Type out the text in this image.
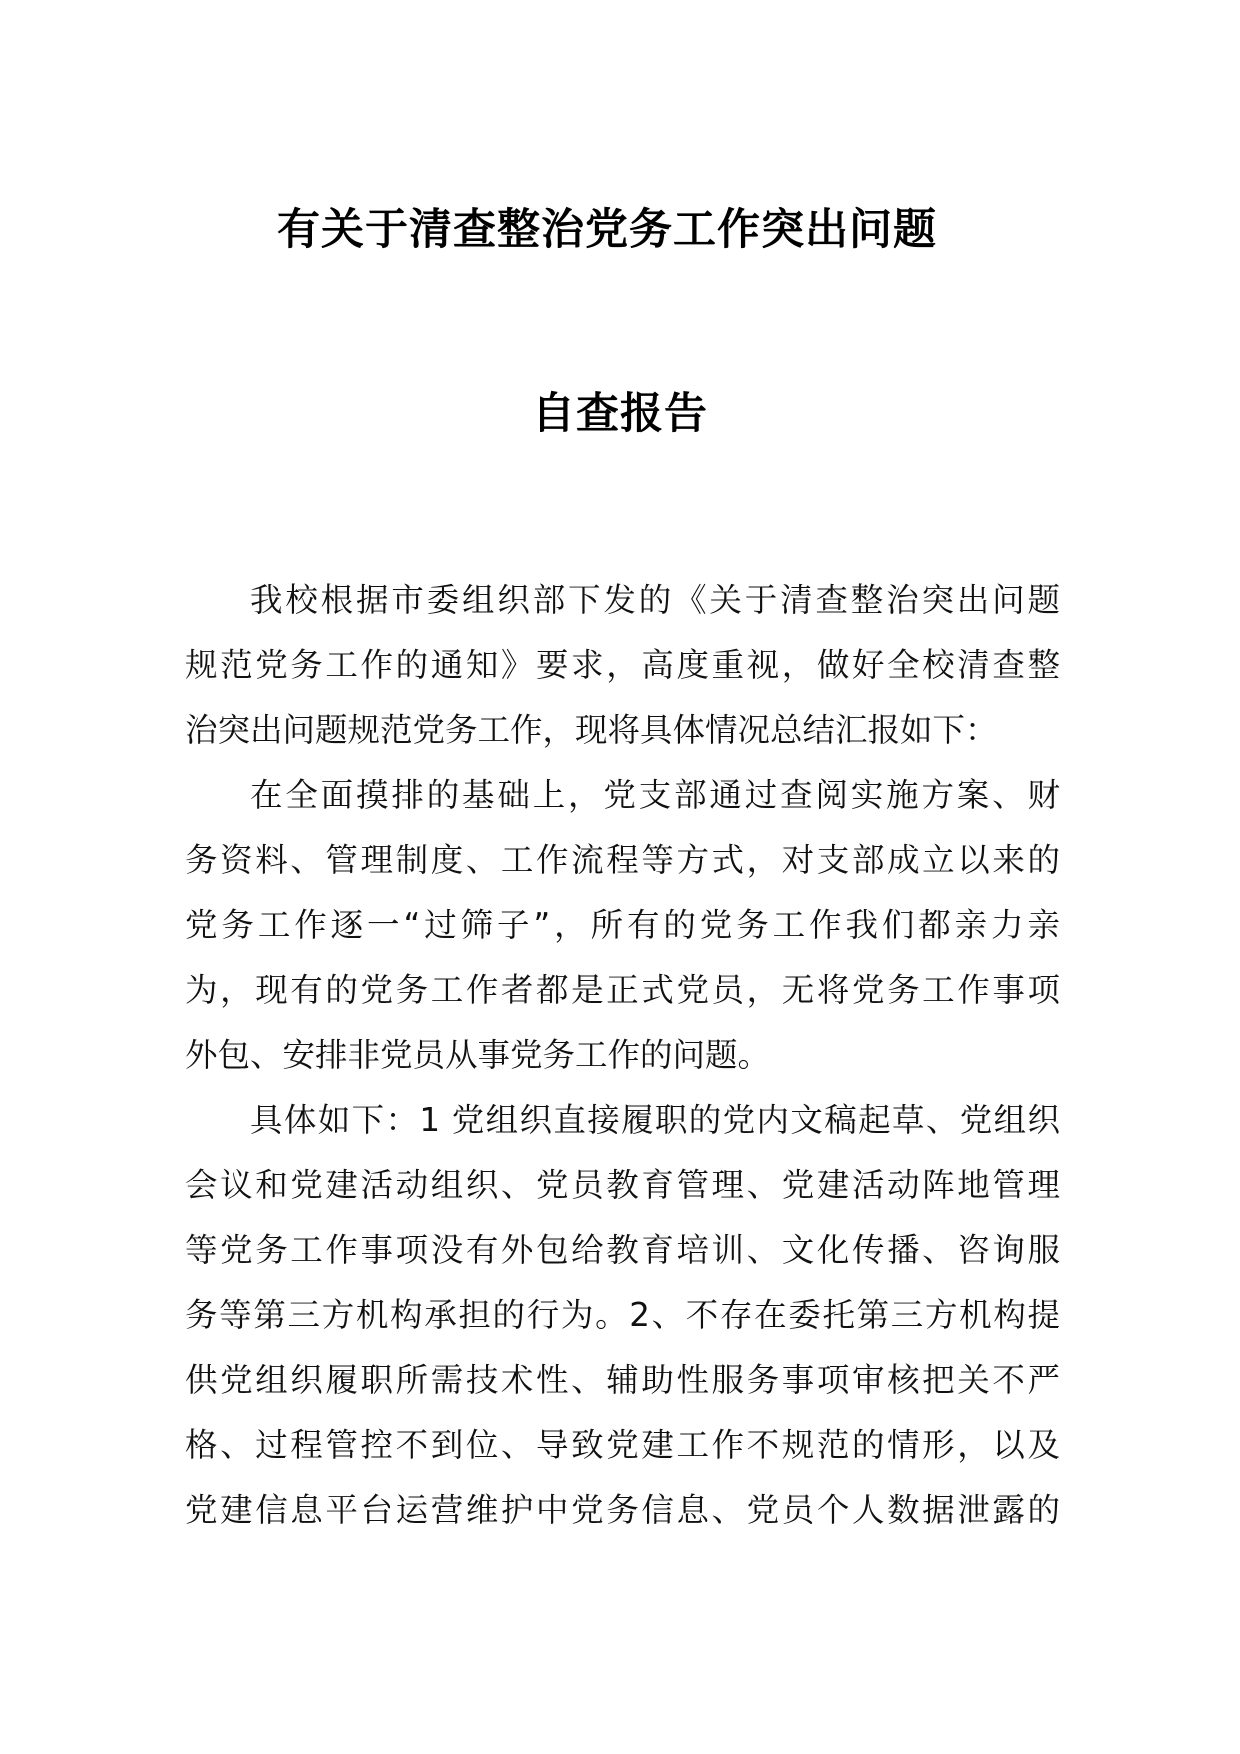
有关于清查整治党务工作突出问题
自查报告
我校根据市委组织部下发的《关于清查整治突出问题
规范党务工作的通知》要求，高度重视，做好全校清查整
治突出问题规范党务工作，现将具体情况总结汇报如下：
在全面摸排的基础上，党支部通过查阅实施方案、财
务资料、管理制度、工作流程等方式，对支部成立以来的
党务工作逐一“过筛子”，所有的党务工作我们都亲力亲
为，现有的党务工作者都是正式党员，无将党务工作事项
外包、安排非党员从事党务工作的问题。
具体如下：1 党组织直接履职的党内文稿起草、党组织
会议和党建活动组织、党员教育管理、党建活动阵地管理
等党务工作事项没有外包给教育培训、文化传播、咨询服
务等第三方机构承担的行为。2、不存在委托第三方机构提
供党组织履职所需技术性、辅助性服务事项审核把关不严
格、过程管控不到位、导致党建工作不规范的情形，以及
党建信息平台运营维护中党务信息、党员个人数据泄露的
